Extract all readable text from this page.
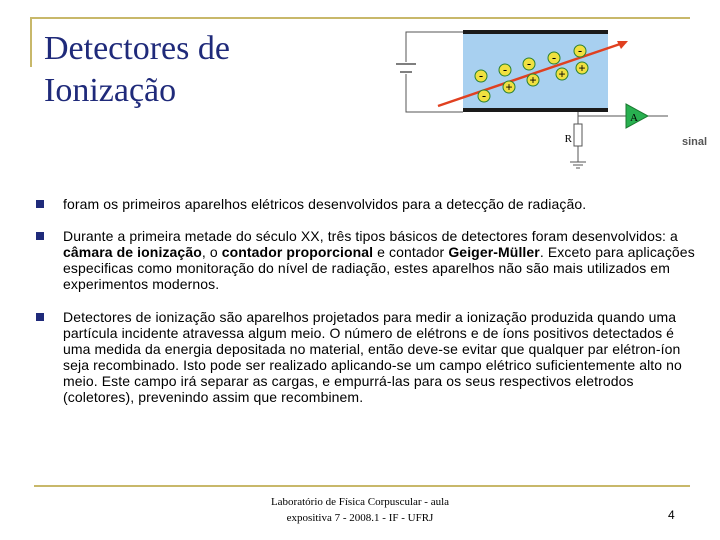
Detectores de
Ionização	- - - - -
-
+ + + +
R
A
sinal
foram os primeiros aparelhos elétricos desenvolvidos para a detecção de radiação.
Durante a primeira metade do século XX, três tipos básicos de detectores foram desenvolvidos: a câmara de ionização, o contador proporcional e contador Geiger-Müller. Exceto para aplicações especificas como monitoração do nível de radiação, estes aparelhos não são mais utilizados em experimentos modernos.
Detectores de ionização são aparelhos projetados para medir a ionização produzida quando uma partícula incidente atravessa algum meio. O número de elétrons e de íons positivos detectados é uma medida da energia depositada no material, então deve-se evitar que qualquer par elétron-íon seja recombinado. Isto pode ser realizado aplicando-se um campo elétrico suficientemente alto no meio. Este campo irá separar as cargas, e empurrá-las para os seus respectivos eletrodos (coletores), prevenindo assim que recombinem.
Laboratório de Física Corpuscular - aula
expositiva 7 - 2008.1 - IF - UFRJ	4
